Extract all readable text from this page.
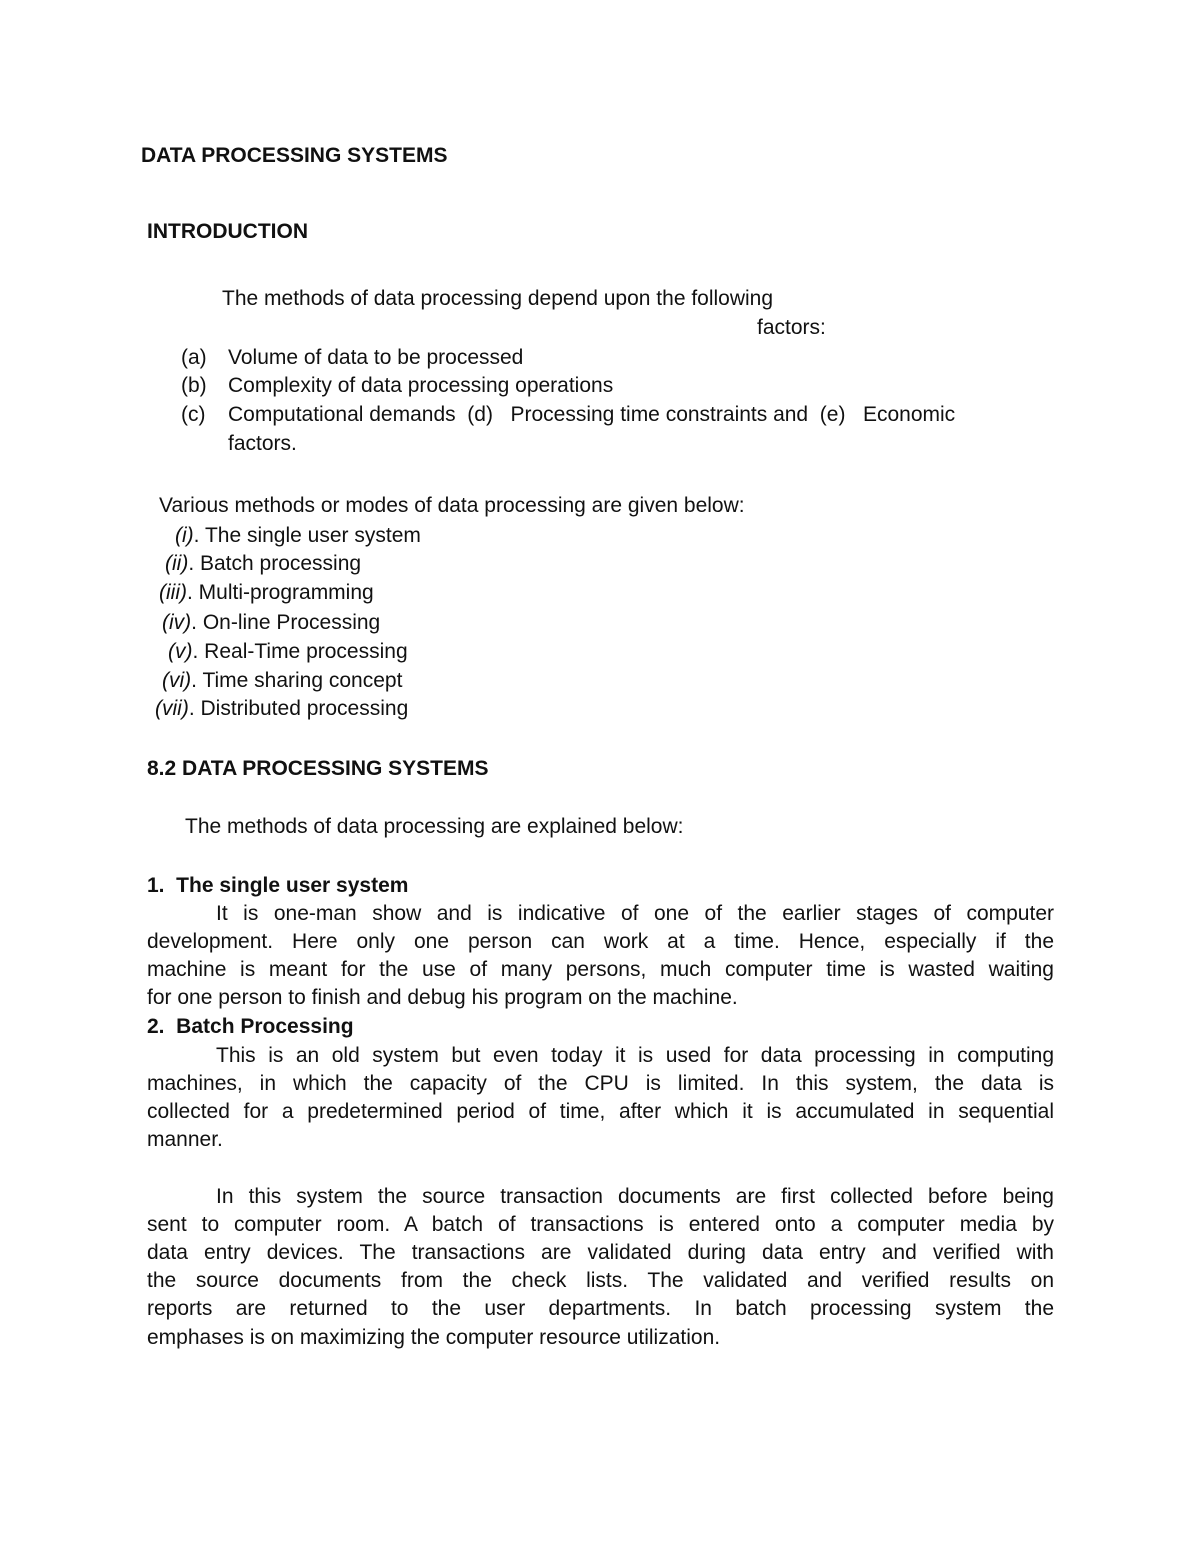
DATA PROCESSING SYSTEMS
INTRODUCTION
The methods of data processing depend upon the following
factors:
(a) Volume of data to be processed
(b) Complexity of data processing operations
(c) Computational demands  (d)   Processing time constraints and  (e)   Economic
factors.
Various methods or modes of data processing are given below:
(i). The single user system
(ii). Batch processing
(iii). Multi-programming
(iv). On-line Processing
(v). Real-Time processing
(vi). Time sharing concept
(vii). Distributed processing
8.2 DATA PROCESSING SYSTEMS
The methods of data processing are explained below:
1.  The single user system
It is one-man show and is indicative of one of the earlier stages of computer
development. Here only one person can work at a time. Hence, especially if the
machine is meant for the use of many persons, much computer time is wasted waiting
for one person to finish and debug his program on the machine.
2.  Batch Processing
This is an old system but even today it is used for data processing in computing
machines, in which the capacity of the CPU is limited. In this system, the data is
collected for a predetermined period of time, after which it is accumulated in sequential
manner.
In this system the source transaction documents are first collected before being
sent to computer room. A batch of transactions is entered onto a computer media by
data entry devices. The transactions are validated during data entry and verified with
the source documents from the check lists. The validated and verified results on
reports are returned to the user departments. In batch processing system the
emphases is on maximizing the computer resource utilization.
